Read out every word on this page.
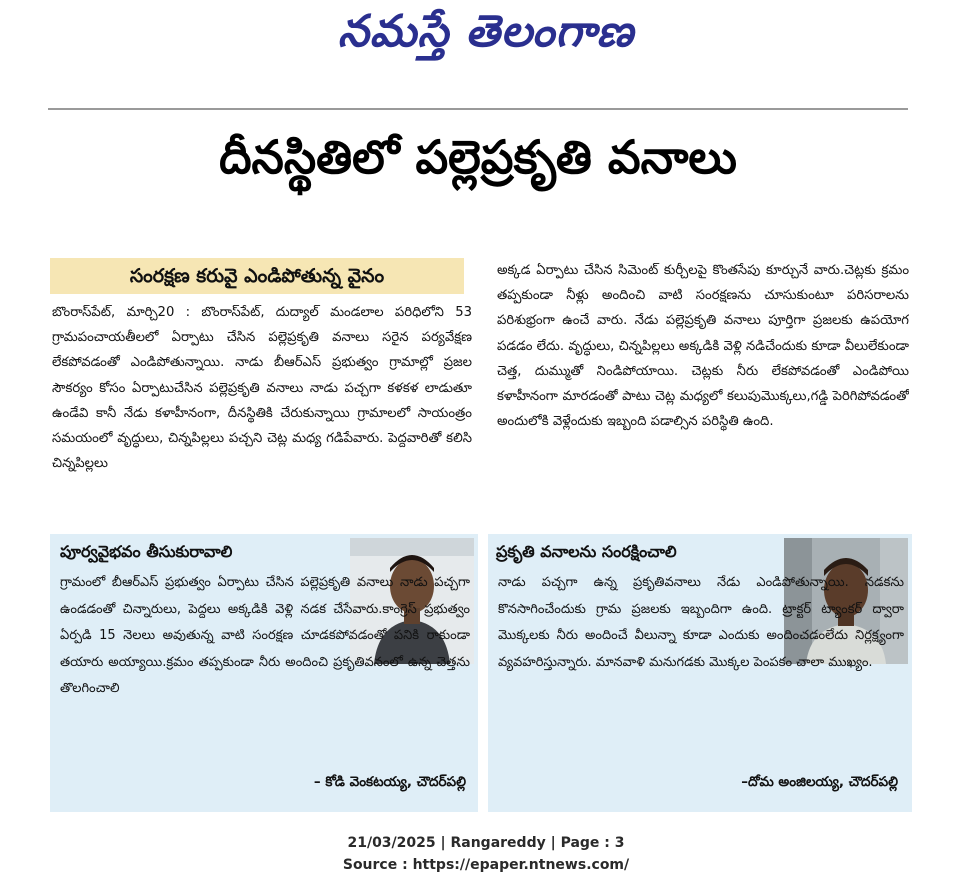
నమస్తే తెలంగాణ
దీనస్థితిలో పల్లెప్రకృతి వనాలు
సంరక్షణ కరువై ఎండిపోతున్న వైనం
బొంరాస్‌పేట్, మార్చి20 : బొంరాస్‌పేట్, దుద్యాల్ మండలాల పరిధిలోని 53 గ్రామపంచాయతీలలో ఏర్పాటు చేసిన పల్లెప్రకృతి వనాలు సరైన పర్యవేక్షణ లేకపోవడంతో ఎండిపోతున్నాయి. నాడు బీఆర్ఎస్ ప్రభుత్వం గ్రామాల్లో ప్రజల సౌకర్యం కోసం ఏర్పాటుచేసిన పల్లెప్రకృతి వనాలు నాడు పచ్చగా కళకళ లాడుతూ ఉండేవి కానీ నేడు కళాహీనంగా, దీనస్థితికి చేరుకున్నాయి గ్రామాలలో సాయంత్రం సమయంలో వృద్ధులు, చిన్నపిల్లలు పచ్చని చెట్ల మధ్య గడిపేవారు. పెద్దవారితో కలిసి చిన్నపిల్లలు
అక్కడ ఏర్పాటు చేసిన సిమెంట్ కుర్చీలపై కొంతసేపు కూర్చునే వారు.చెట్లకు క్రమం తప్పకుండా నీళ్లు అందించి వాటి సంరక్షణను చూసుకుంటూ పరిసరాలను పరిశుభ్రంగా ఉంచే వారు. నేడు పల్లెప్రకృతి వనాలు పూర్తిగా ప్రజలకు ఉపయోగ పడడం లేదు. వృద్ధులు, చిన్నపిల్లలు అక్కడికి వెళ్లి నడిచేందుకు కూడా వీలులేకుండా చెత్త, దుమ్ముతో నిండిపోయాయి. చెట్లకు నీరు లేకపోవడంతో ఎండిపోయి కళాహీనంగా మారడంతో పాటు చెట్ల మధ్యలో కలుపుమొక్కలు,గడ్డి పెరిగిపోవడంతో అందులోకి వెళ్లేందుకు ఇబ్బంది పడాల్సిన పరిస్థితి ఉంది.
పూర్వవైభవం తీసుకురావాలి
గ్రామంలో బీఆర్ఎస్ ప్రభుత్వం ఏర్పాటు చేసిన పల్లెప్రకృతి వనాలు నాడు పచ్చగా ఉండడంతో చిన్నారులు, పెద్దలు అక్కడికి వెళ్లి నడక చేసేవారు.కాంగ్రెస్ ప్రభుత్వం ఏర్పడి 15 నెలలు అవుతున్న వాటి సంరక్షణ చూడకపోవడంతో పనికి రాకుండా తయారు అయ్యాయి.క్రమం తప్పకుండా నీరు అందించి ప్రకృతివనంలో ఉన్న చెత్తను తొలగించాలి
– కోడి వెంకటయ్య, చౌదర్‌పల్లి
ప్రకృతి వనాలను సంరక్షించాలి
నాడు పచ్చగా ఉన్న ప్రకృతివనాలు నేడు ఎండిపోతున్నాయి. నడకను కొనసాగించేందుకు గ్రామ ప్రజలకు ఇబ్బందిగా ఉంది. ట్రాక్టర్ ట్యాంకర్ ద్వారా మొక్కలకు నీరు అందించే వీలున్నా కూడా ఎందుకు అందించడంలేదు నిర్లక్ష్యంగా వ్యవహరిస్తున్నారు. మానవాళి మనుగడకు మొక్కల పెంపకం చాలా ముఖ్యం.
–దోమ అంజిలయ్య, చౌదర్‌పల్లి
21/03/2025 | Rangareddy | Page : 3
Source : https://epaper.ntnews.com/
